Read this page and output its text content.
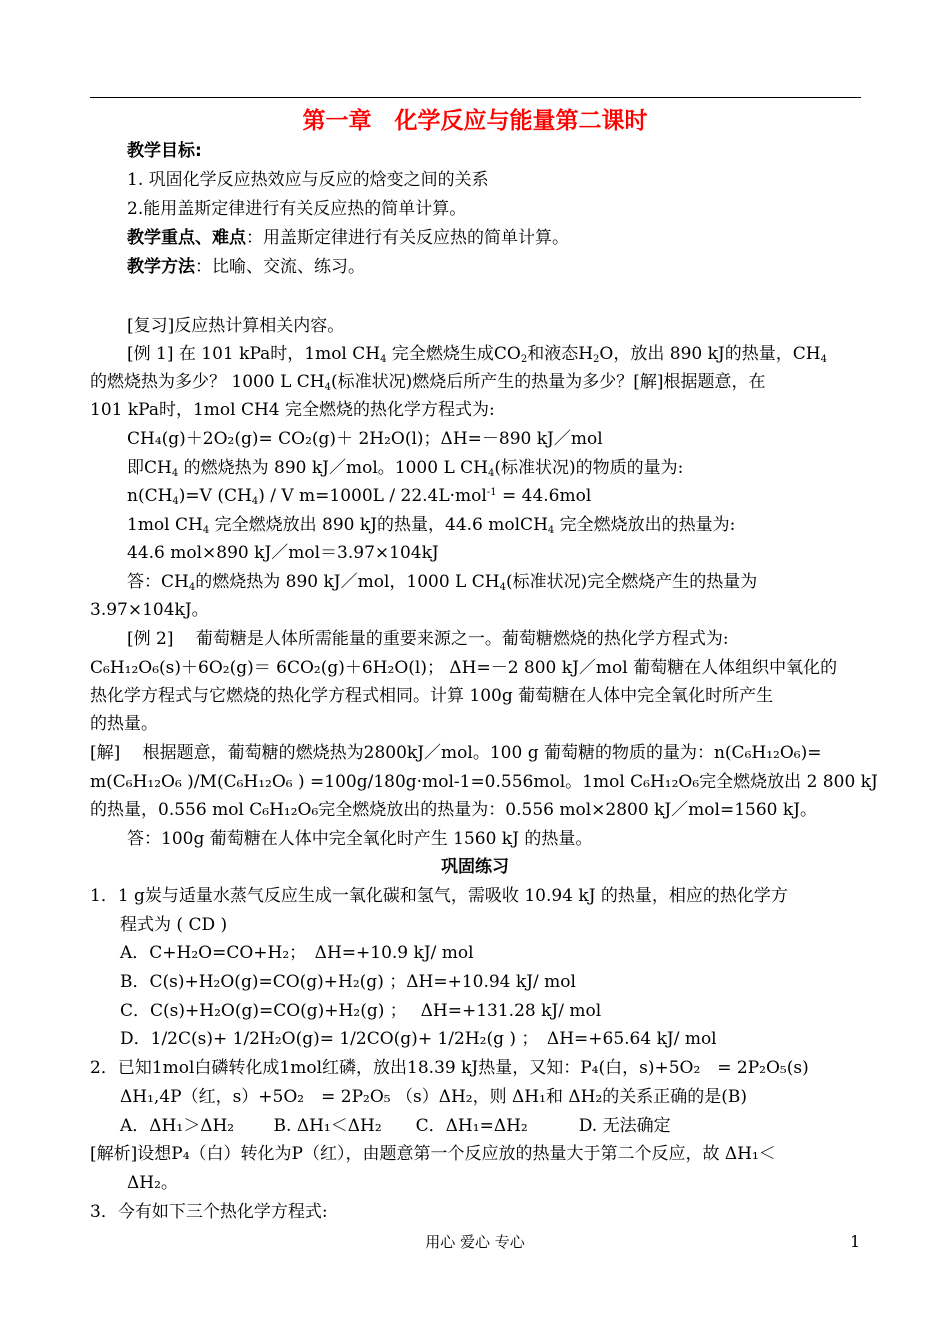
第一章　化学反应与能量第二课时
教学目标:
1. 巩固化学反应热效应与反应的焓变之间的关系
2.能用盖斯定律进行有关反应热的简单计算。
教学重点、难点：用盖斯定律进行有关反应热的简单计算。
教学方法：比喻、交流、练习。
[复习]反应热计算相关内容。
[例 1] 在 101 kPa时，1mol $CH_4$ 完全燃烧生成$CO_2$和液态$H_2O$，放出 890 kJ的热量，$CH_4$
的燃烧热为多少？ 1000 L $CH_4$(标准状况)燃烧后所产生的热量为多少？[解]根据题意，在
101 kPa时，1mol CH4 完全燃烧的热化学方程式为:
CH₄(g)＋2O₂(g)= CO₂(g)＋ 2H₂O(l)；ΔH=－890 kJ／mol
即$CH_4$ 的燃烧热为 890 kJ／mol。1000 L $CH_4$(标准状况)的物质的量为:
$n(CH_4)=V$ $(CH_4)$ / V m=1000L / 22.4L·mol$^{-1}$ = 44.6mol
1mol $CH_4$ 完全燃烧放出 890 kJ的热量，44.6 molCH$_4$ 完全燃烧放出的热量为:
44.6 mol×890 kJ／mol＝3.97×104kJ
答：$CH_4$的燃烧热为 890 kJ／mol，1000 L $CH_4$(标准状况)完全燃烧产生的热量为
3.97×104kJ。
[例 2]　 葡萄糖是人体所需能量的重要来源之一。葡萄糖燃烧的热化学方程式为:
C₆H₁₂O₆(s)＋6O₂(g)＝ 6CO₂(g)＋6H₂O(l)； ΔH=－2 800 kJ／mol 葡萄糖在人体组织中氧化的
热化学方程式与它燃烧的热化学方程式相同。计算 100g 葡萄糖在人体中完全氧化时所产生
的热量。
[解]　 根据题意，葡萄糖的燃烧热为2800kJ／mol。100 g 葡萄糖的物质的量为：n(C₆H₁₂O₆)=
m(C₆H₁₂O₆ )/M(C₆H₁₂O₆ ) =100g/180g·mol-1=0.556mol。1mol C₆H₁₂O₆完全燃烧放出 2 800 kJ
的热量，0.556 mol C₆H₁₂O₆完全燃烧放出的热量为：0.556 mol×2800 kJ／mol=1560 kJ。
答：100g 葡萄糖在人体中完全氧化时产生 1560 kJ 的热量。
巩固练习
1．1 g炭与适量水蒸气反应生成一氧化碳和氢气，需吸收 10.94 kJ 的热量，相应的热化学方
程式为 ( CD )
A．C+H₂O=CO+H₂；　ΔH=+10.9 kJ/ mol
B．C(s)+H₂O(g)=CO(g)+H₂(g) ；ΔH=+10.94 kJ/ mol
C．C(s)+H₂O(g)=CO(g)+H₂(g) ；　 ΔH=+131.28 kJ/ mol
D．1/2C(s)+ 1/2H₂O(g)= 1/2CO(g)+ 1/2H₂(g ) ；　ΔH=+65.64 kJ/ mol
2．已知1mol白磷转化成1mol红磷，放出18.39 kJ热量，又知：P₄(白，s)+5O₂　= 2P₂O₅(s)
ΔH₁,4P（红，s）+5O₂　= 2P₂O₅ （s）ΔH₂，则 ΔH₁和 ΔH₂的关系正确的是(B)
A．ΔH₁＞ΔH₂　　 B. ΔH₁＜ΔH₂　　C．ΔH₁=ΔH₂　　　D. 无法确定
[解析]设想P₄（白）转化为P（红），由题意第一个反应放的热量大于第二个反应，故 ΔH₁＜
ΔH₂。
3．今有如下三个热化学方程式:
用心 爱心 专心	1
